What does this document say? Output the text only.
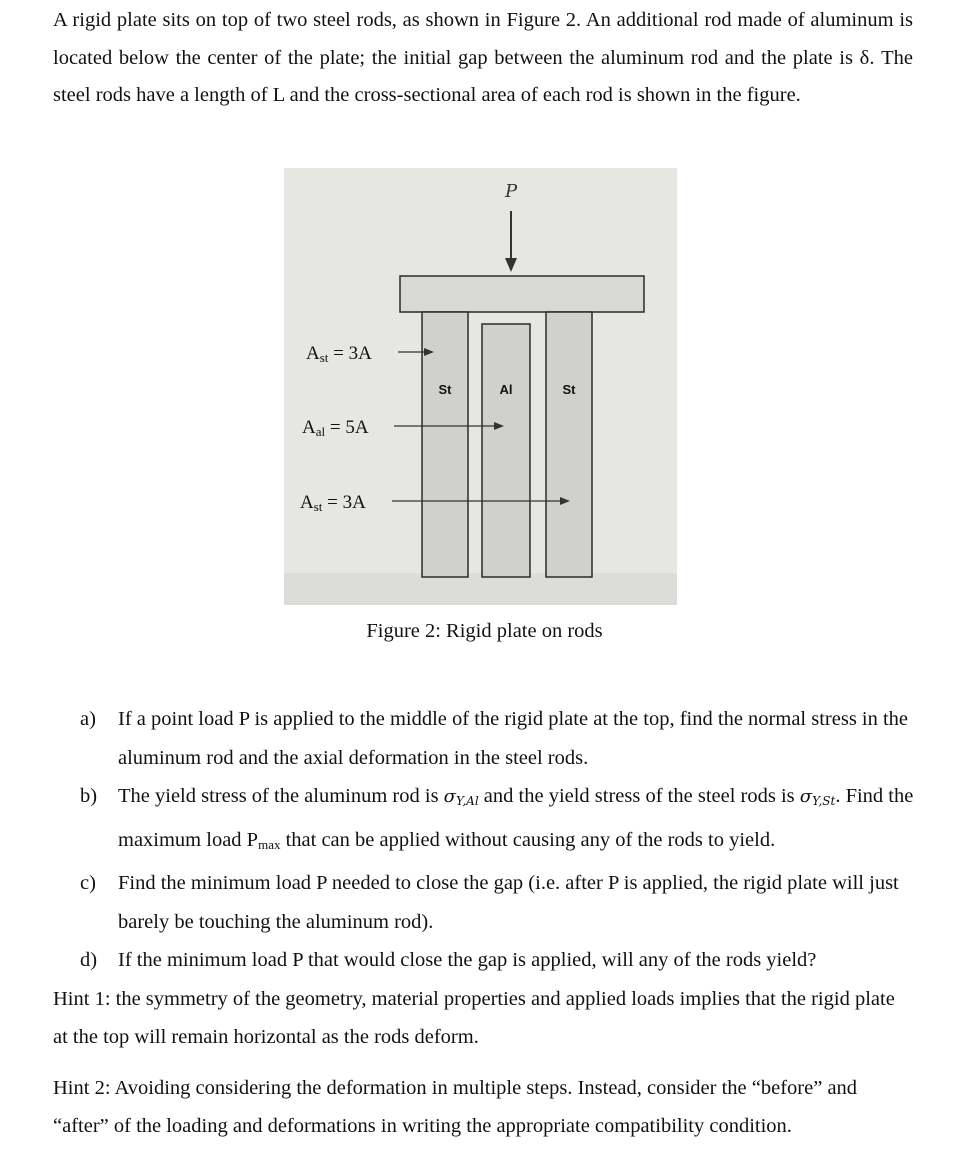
A rigid plate sits on top of two steel rods, as shown in Figure 2. An additional rod made of aluminum is located below the center of the plate; the initial gap between the aluminum rod and the plate is δ. The steel rods have a length of L and the cross-sectional area of each rod is shown in the figure.

P
St	Al	St
Ast = 3A
Aal = 5A
Ast = 3A
Figure 2: Rigid plate on rods
a) If a point load P is applied to the middle of the rigid plate at the top, find the normal stress in the aluminum rod and the axial deformation in the steel rods.
b) The yield stress of the aluminum rod is $\sigma_{Y,Al}$ and the yield stress of the steel rods is $\sigma_{Y,St}$. Find the maximum load $P_{max}$ that can be applied without causing any of the rods to yield.
c) Find the minimum load P needed to close the gap (i.e. after P is applied, the rigid plate will just barely be touching the aluminum rod).
d) If the minimum load P that would close the gap is applied, will any of the rods yield?

Hint 1: the symmetry of the geometry, material properties and applied loads implies that the rigid plate at the top will remain horizontal as the rods deform.

Hint 2: Avoiding considering the deformation in multiple steps. Instead, consider the “before” and “after” of the loading and deformations in writing the appropriate compatibility condition.
